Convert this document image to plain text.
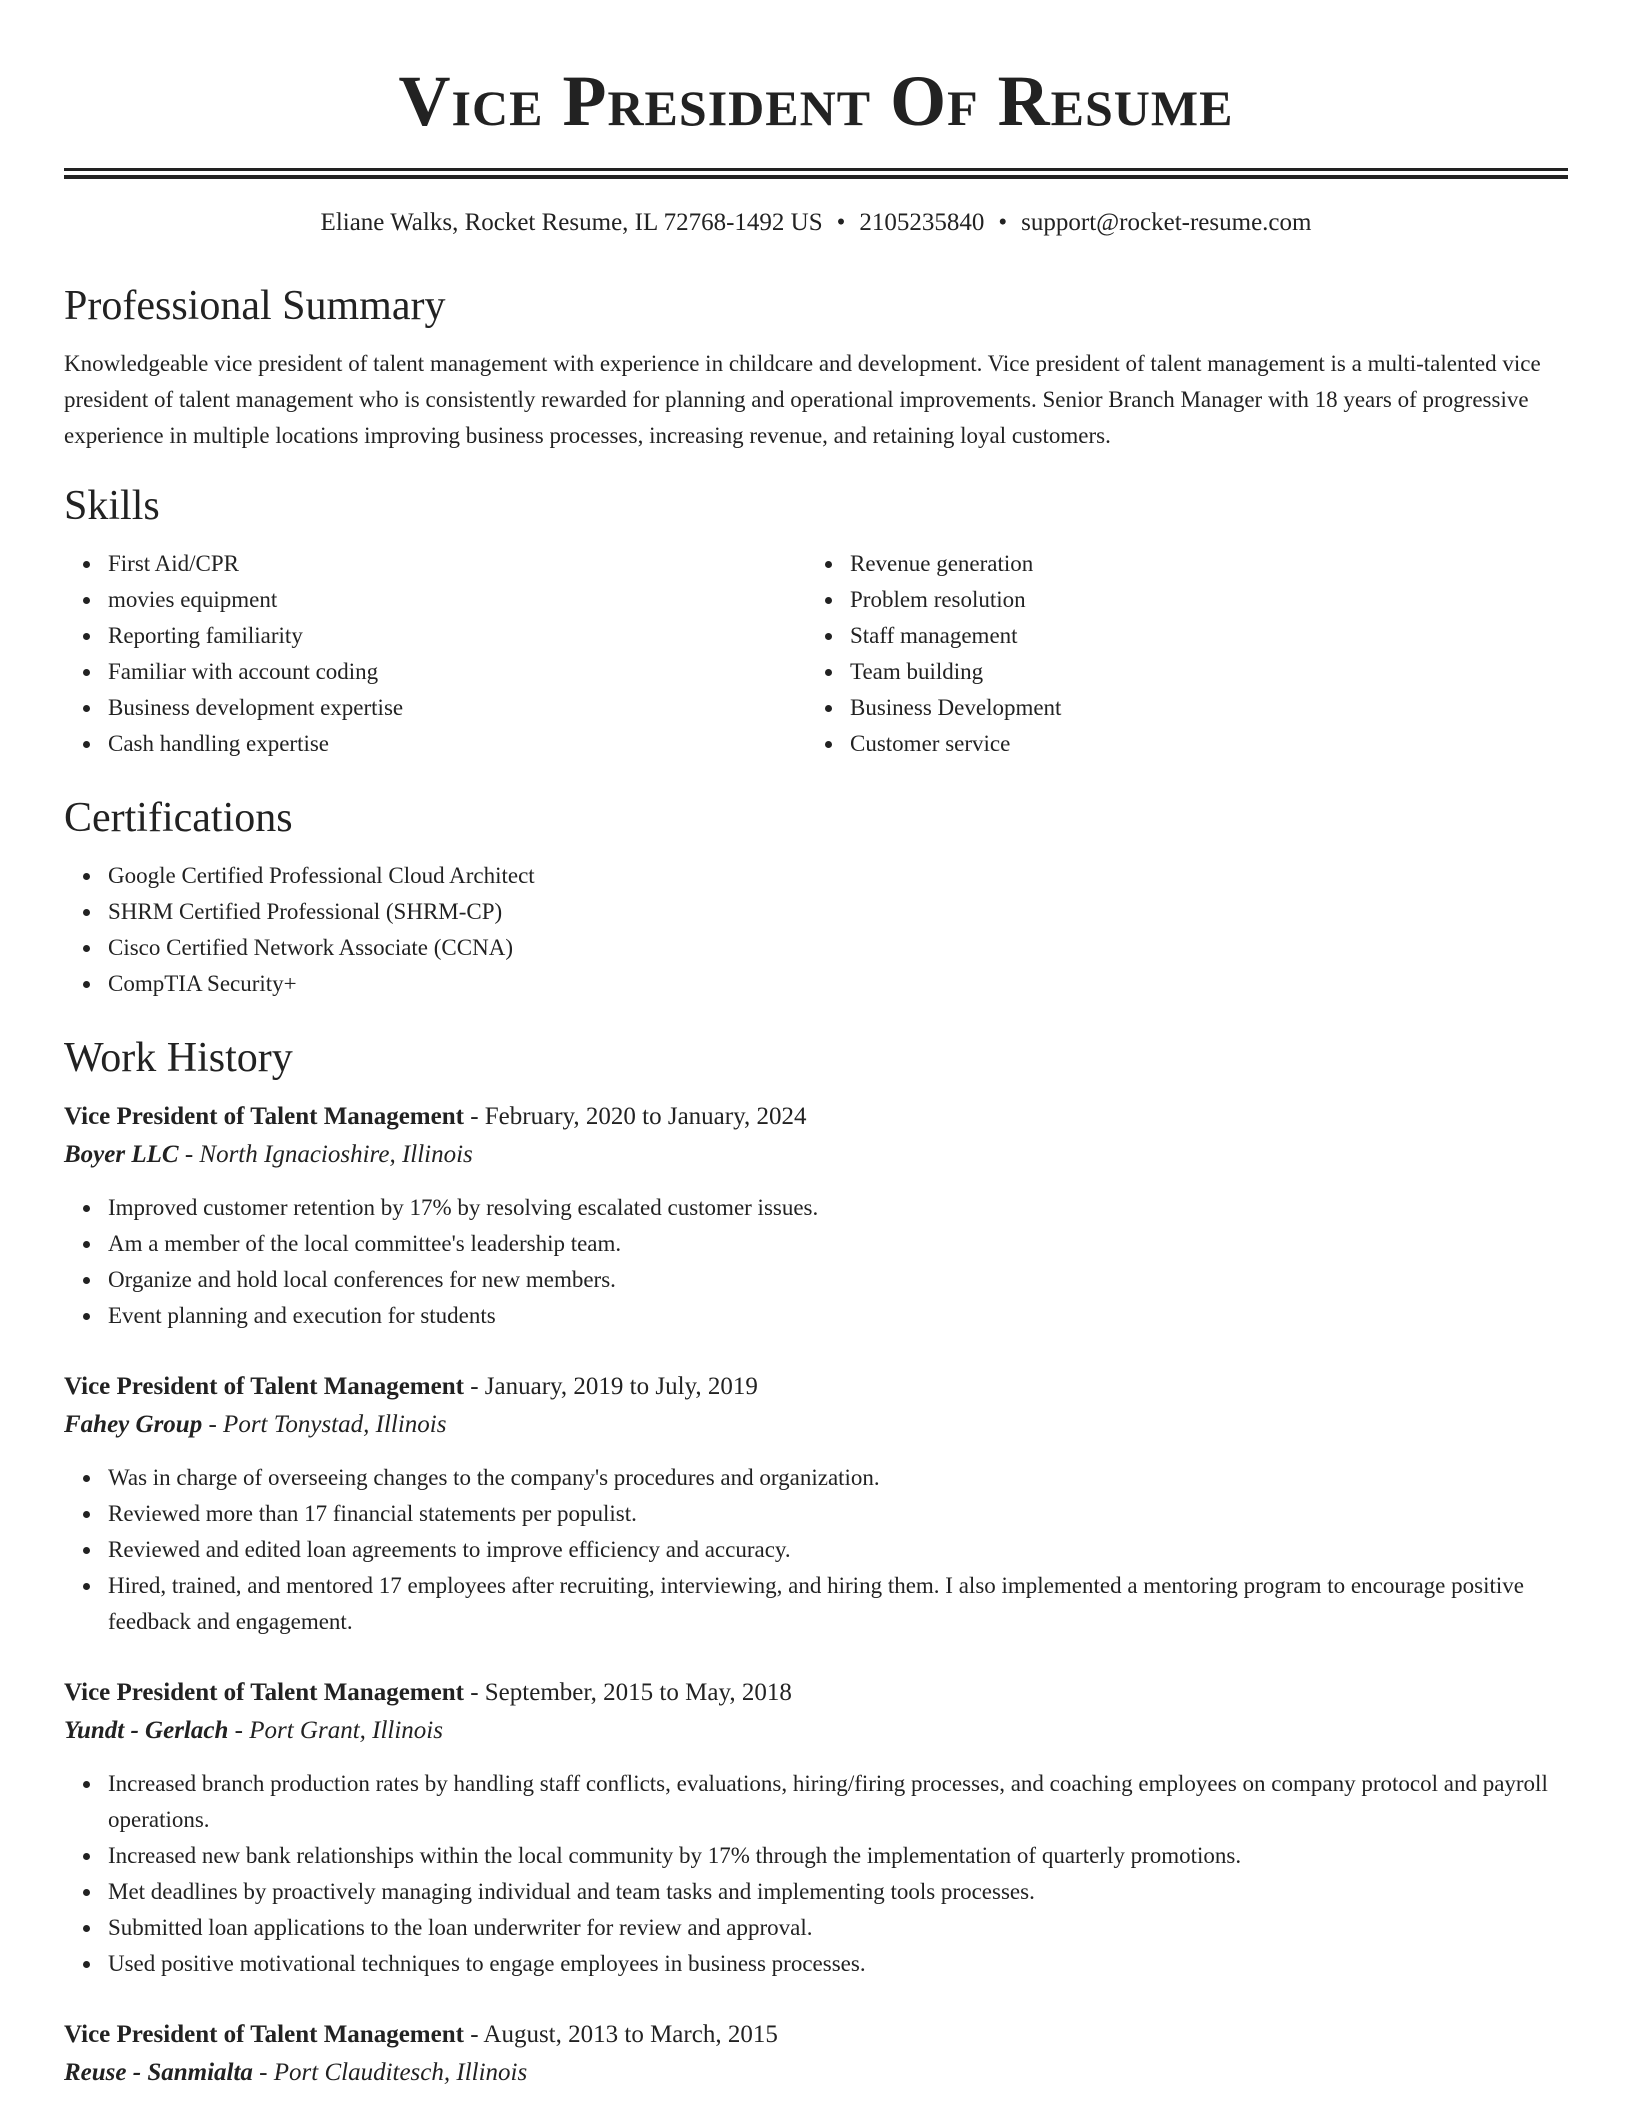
Vice President Of Resume
Eliane Walks, Rocket Resume, IL 72768-1492 US • 2105235840 • support@rocket-resume.com
Professional Summary

Knowledgeable vice president of talent management with experience in childcare and development. Vice president of talent management is a multi-talented vice president of talent management who is consistently rewarded for planning and operational improvements. Senior Branch Manager with 18 years of progressive experience in multiple locations improving business processes, increasing revenue, and retaining loyal customers.

Skills
First Aid/CPR
movies equipment
Reporting familiarity
Familiar with account coding
Business development expertise
Cash handling expertise
Revenue generation
Problem resolution
Staff management
Team building
Business Development
Customer service
Certifications
Google Certified Professional Cloud Architect
SHRM Certified Professional (SHRM-CP)
Cisco Certified Network Associate (CCNA)
CompTIA Security+
Work History
Vice President of Talent Management - February, 2020 to January, 2024
Boyer LLC - North Ignacioshire, Illinois
Improved customer retention by 17% by resolving escalated customer issues.
Am a member of the local committee's leadership team.
Organize and hold local conferences for new members.
Event planning and execution for students
Vice President of Talent Management - January, 2019 to July, 2019
Fahey Group - Port Tonystad, Illinois
Was in charge of overseeing changes to the company's procedures and organization.
Reviewed more than 17 financial statements per populist.
Reviewed and edited loan agreements to improve efficiency and accuracy.
Hired, trained, and mentored 17 employees after recruiting, interviewing, and hiring them. I also implemented a mentoring program to encourage positive feedback and engagement.
Vice President of Talent Management - September, 2015 to May, 2018
Yundt - Gerlach - Port Grant, Illinois
Increased branch production rates by handling staff conflicts, evaluations, hiring/firing processes, and coaching employees on company protocol and payroll operations.
Increased new bank relationships within the local community by 17% through the implementation of quarterly promotions.
Met deadlines by proactively managing individual and team tasks and implementing tools processes.
Submitted loan applications to the loan underwriter for review and approval.
Used positive motivational techniques to engage employees in business processes.
Vice President of Talent Management - August, 2013 to March, 2015
Reuse - Sanmialta - Port Clauditesch, Illinois
